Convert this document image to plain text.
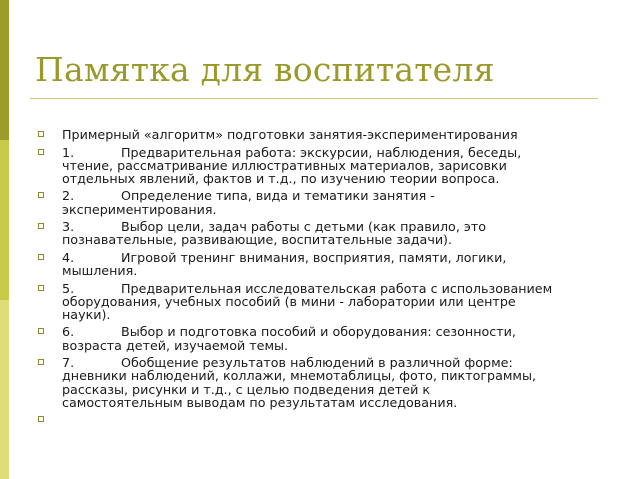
Памятка для воспитателя
Примерный «алгоритм» подготовки занятия-экспериментирования
1.	Предварительная работа: экскурсии, наблюдения, беседы,
чтение, рассматривание иллюстративных материалов, зарисовки
отдельных явлений, фактов и т.д., по изучению теории вопроса.
2.	Определение типа, вида и тематики занятия -
экспериментирования.
3.	Выбор цели, задач работы с детьми (как правило, это
познавательные, развивающие, воспитательные задачи).
4.	Игровой тренинг внимания, восприятия, памяти, логики,
мышления.
5.	Предварительная исследовательская работа с использованием
оборудования, учебных пособий (в мини - лаборатории или центре
науки).
6.	Выбор и подготовка пособий и оборудования: сезонности,
возраста детей, изучаемой темы.
7.	Обобщение результатов наблюдений в различной форме:
дневники наблюдений, коллажи, мнемотаблицы, фото, пиктограммы,
рассказы, рисунки и т.д., с целью подведения детей к
самостоятельным выводам по результатам исследования.
